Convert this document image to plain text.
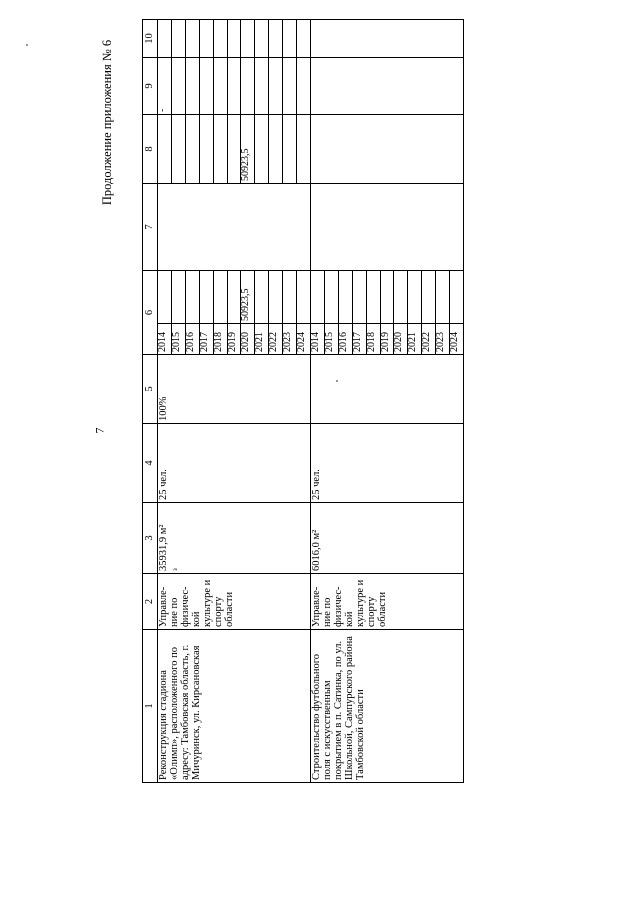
7
Продолжение приложения № 6
1	2	3	4	5	6		7	8	9	10
Реконструкция стадиона «Олимп», расположенного по адресу: Тамбовская область, г. Мичуринск, ул. Кирсановская	Управле-ние по физичес-кой культуре и спорту области	35931,9 м² з	25 чел.	100%	2014				-	
					2015					
					2016					
					2017					
					2018					
					2019					
					2020	50923,5		50923,5		
					2021					
					2022					
					2023					
					2024					
Строительство футбольного поля с искусственным покрытием в п. Сатинка, по ул. Школьной, Сампурского района Тамбовской области	Управле-ние по физичес-кой культуре и спорту области	6016,0 м²	25 чел.		2014					
					2015					
					2016					
					2017					
					2018					
					2019					
					2020					
					2021					
					2022					
					2023					
					2024					
